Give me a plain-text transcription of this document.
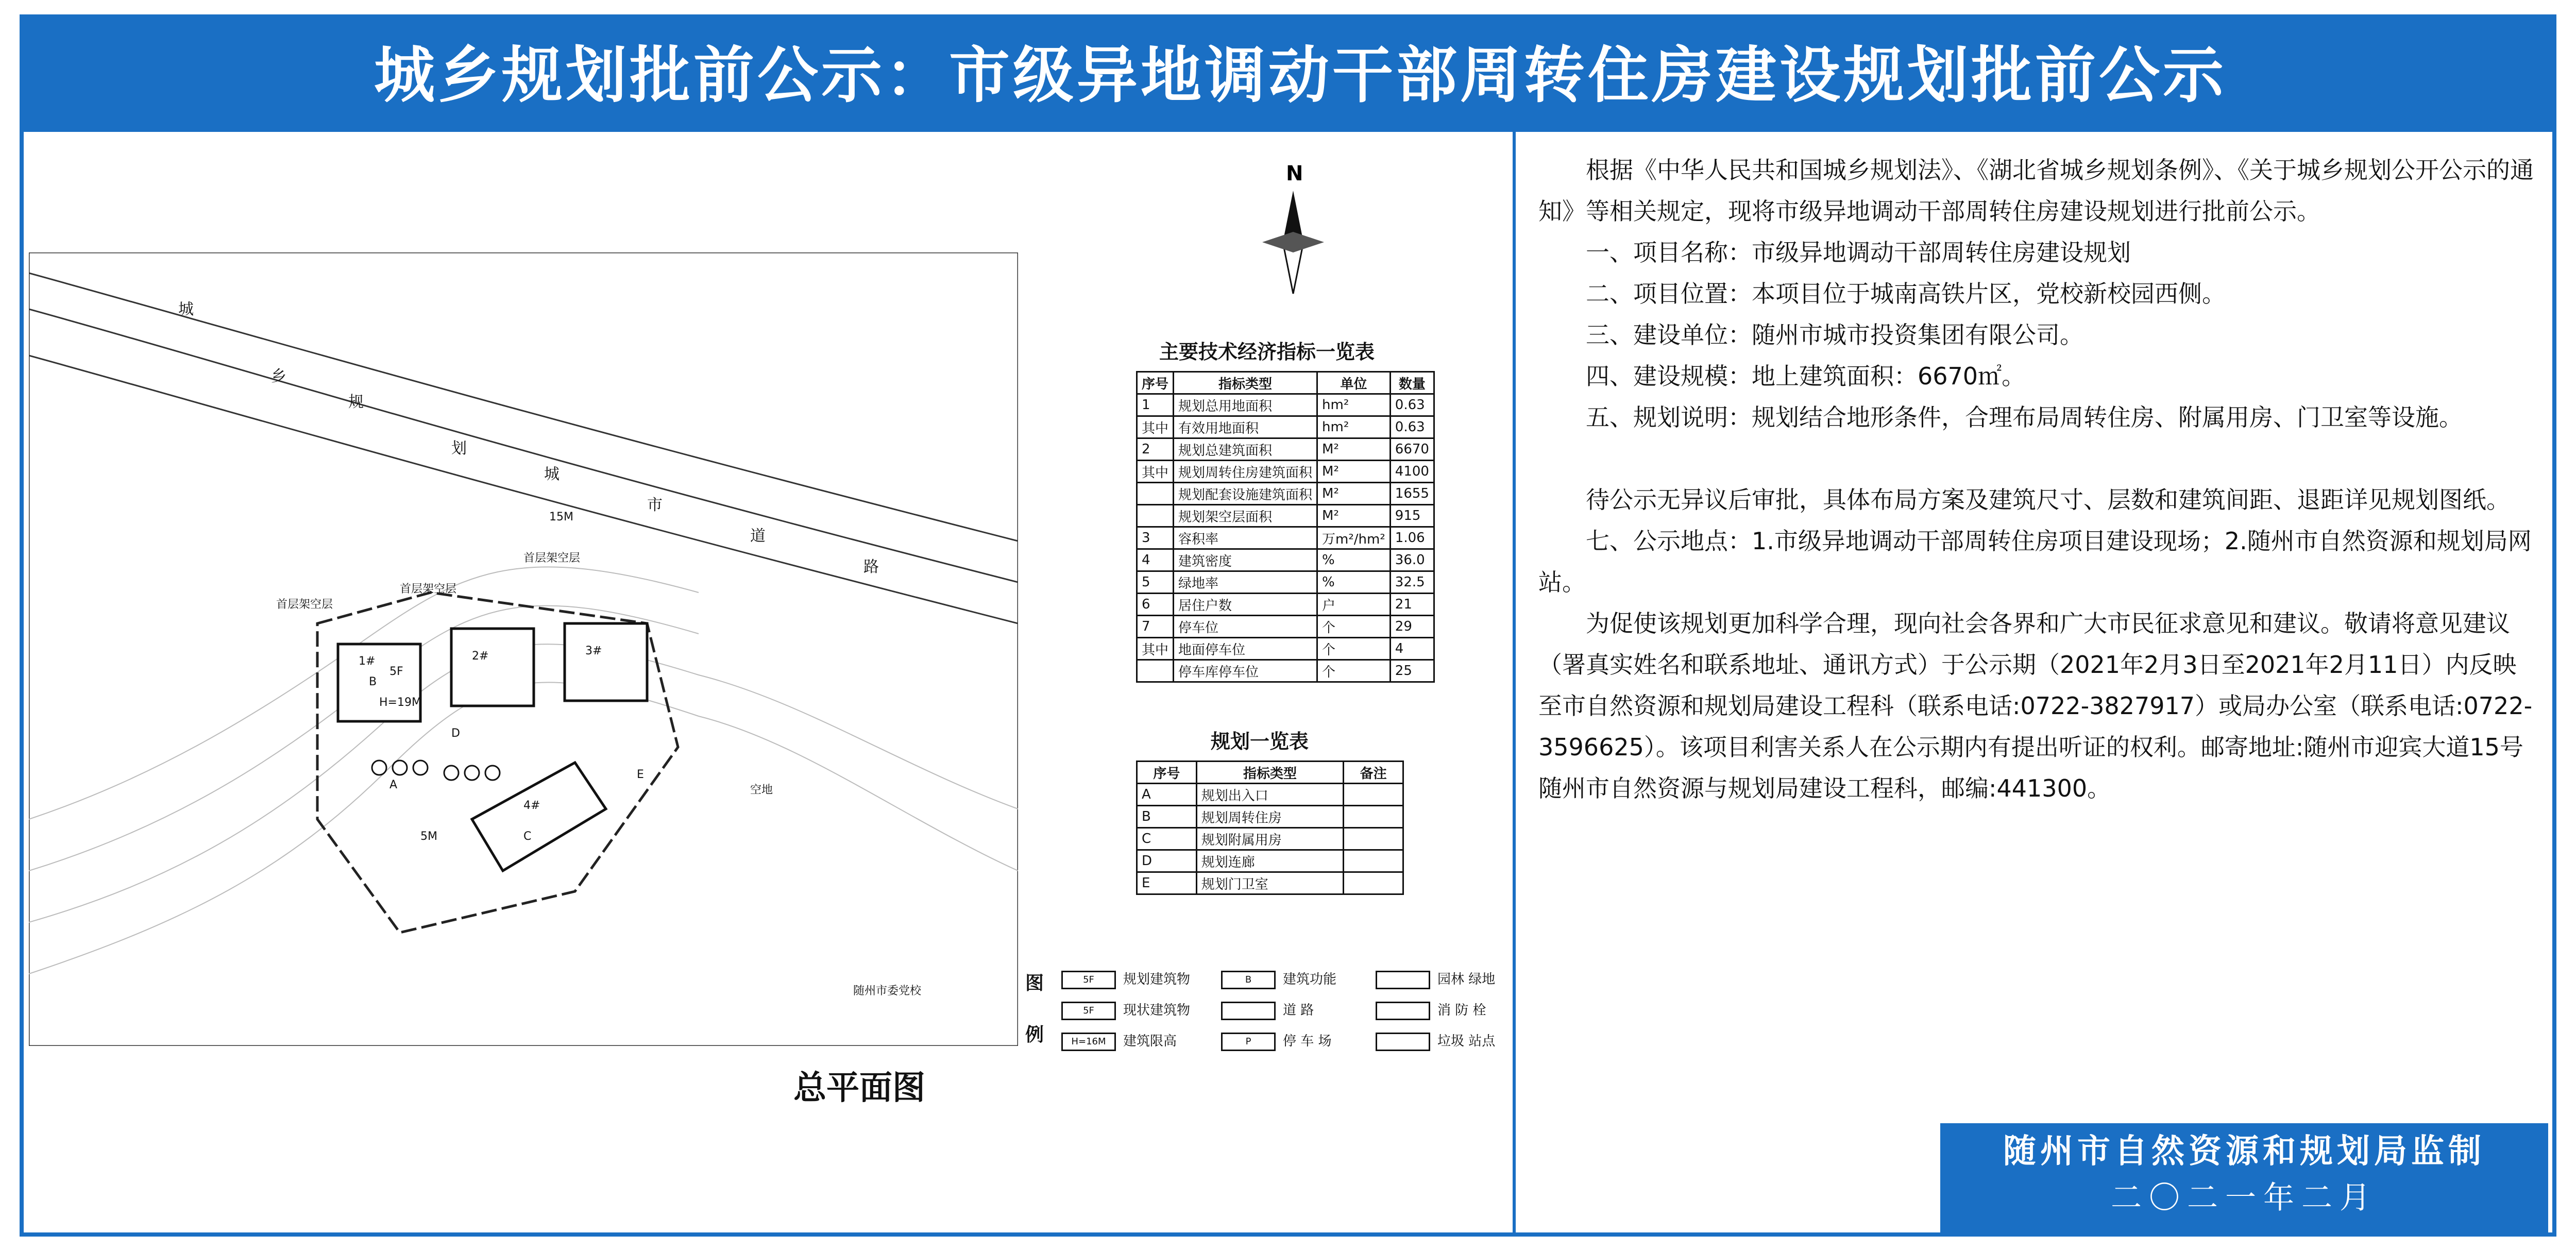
城乡规划批前公示：市级异地调动干部周转住房建设规划批前公示
城
乡
规
划
城
市
道
路
首层架空层
首层架空层
首层架空层
空地
随州市委党校
A
B
C
D
E
1#	2#	3#
4#
5F
H=19M
5M
15M
N
总平面图
主要技术经济指标一览表
序号	指标类型	单位	数量
1	规划总用地面积	hm²	0.63
其中	有效用地面积	hm²	0.63
2	规划总建筑面积	M²	6670
其中	规划周转住房建筑面积	M²	4100
	规划配套设施建筑面积	M²	1655
	规划架空层面积	M²	915
3	容积率	万m²/hm²	1.06
4	建筑密度	%	36.0
5	绿地率	%	32.5
6	居住户数	户	21
7	停车位	个	29
其中	地面停车位	个	4
	停车库停车位	个	25
规划一览表
序号	指标类型	备注
A	规划出入口	
B	规划周转住房	
C	规划附属用房	
D	规划连廊	
E	规划门卫室	
图
例
5F 规划建筑物	B 建筑功能	园林 绿地
5F 现状建筑物	道 路	消 防 栓
H=16M 建筑限高	P 停 车 场	垃圾 站点

根据《中华人民共和国城乡规划法》、《湖北省城乡规划条例》、《关于城乡规划公开公示的通知》等相关规定，现将市级异地调动干部周转住房建设规划进行批前公示。

一、项目名称：市级异地调动干部周转住房建设规划

二、项目位置：本项目位于城南高铁片区，党校新校园西侧。

三、建设单位：随州市城市投资集团有限公司。

四、建设规模：地上建筑面积：6670㎡。

五、规划说明：规划结合地形条件，合理布局周转住房、附属用房、门卫室等设施。

待公示无异议后审批，具体布局方案及建筑尺寸、层数和建筑间距、退距详见规划图纸。

七、公示地点：1.市级异地调动干部周转住房项目建设现场；2.随州市自然资源和规划局网站。

为促使该规划更加科学合理，现向社会各界和广大市民征求意见和建议。敬请将意见建议（署真实姓名和联系地址、通讯方式）于公示期（2021年2月3日至2021年2月11日）内反映至市自然资源和规划局建设工程科（联系电话:0722-3827917）或局办公室（联系电话:0722-3596625）。该项目利害关系人在公示期内有提出听证的权利。邮寄地址:随州市迎宾大道15号随州市自然资源与规划局建设工程科，邮编:441300。

随州市自然资源和规划局监制
二〇二一年二月
